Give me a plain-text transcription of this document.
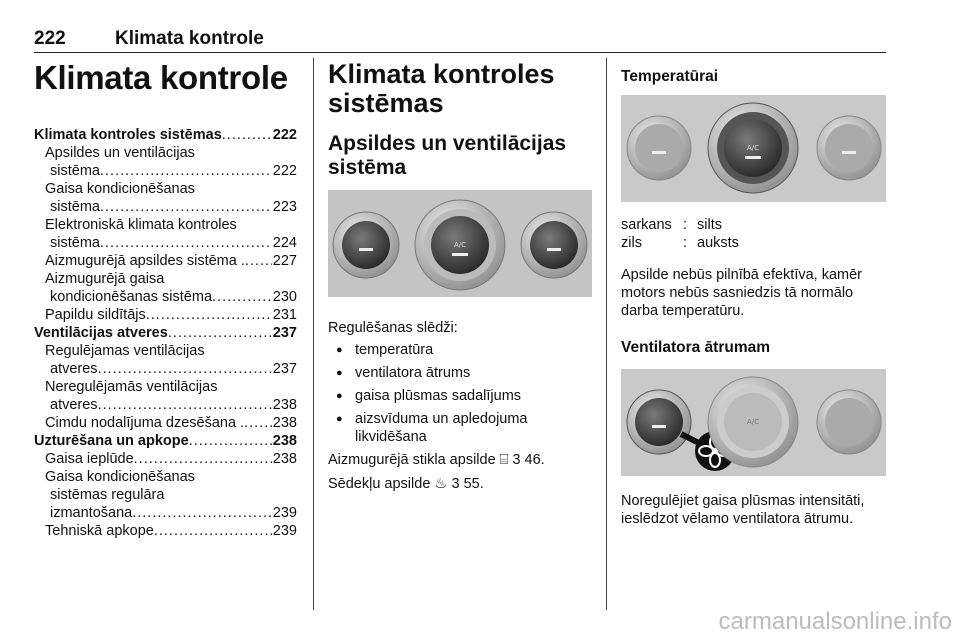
222	Klimata kontrole
Klimata kontrole
Klimata kontroles sistēmas .....	222
Apsildes un ventilācijas
sistēma .....	222
Gaisa kondicionēšanas
sistēma .....	223
Elektroniskā klimata kontroles
sistēma .....	224
Aizmugurējā apsildes sistēma . ..... 227
Aizmugurējā gaisa
kondicionēšanas sistēma .....	230
Papildu sildītājs .....	231
Ventilācijas atveres .....	237
Regulējamas ventilācijas
atveres .....	237
Neregulējamās ventilācijas
atveres .....	238
Cimdu nodalījuma dzesēšana . ..... 238
Uzturēšana un apkope .....	238
Gaisa ieplūde .....	238
Gaisa kondicionēšanas
sistēmas regulāra
izmantošana .....	239
Tehniskā apkope .....	239
Klimata kontroles
sistēmas
Apsildes un ventilācijas
sistēma
A/C

Regulēšanas slēdži:

● temperatūra
● ventilatora ātrums
● gaisa plūsmas sadalījums
● aizsvīduma un apledojuma likvidēšana

Aizmugurējā stikla apsilde ⌸ 3 46.

Sēdekļu apsilde ♨ 3 55.

Temperatūrai
A/C
sarkans : silts
zils	: auksts

Apsilde nebūs pilnībā efektīva, kamēr motors nebūs sasniedzis tā normālo darba temperatūru.

Ventilatora ātrumam
A/C

Noregulējiet gaisa plūsmas intensitāti, ieslēdzot vēlamo ventilatora ātrumu.

carmanualsonline.info
